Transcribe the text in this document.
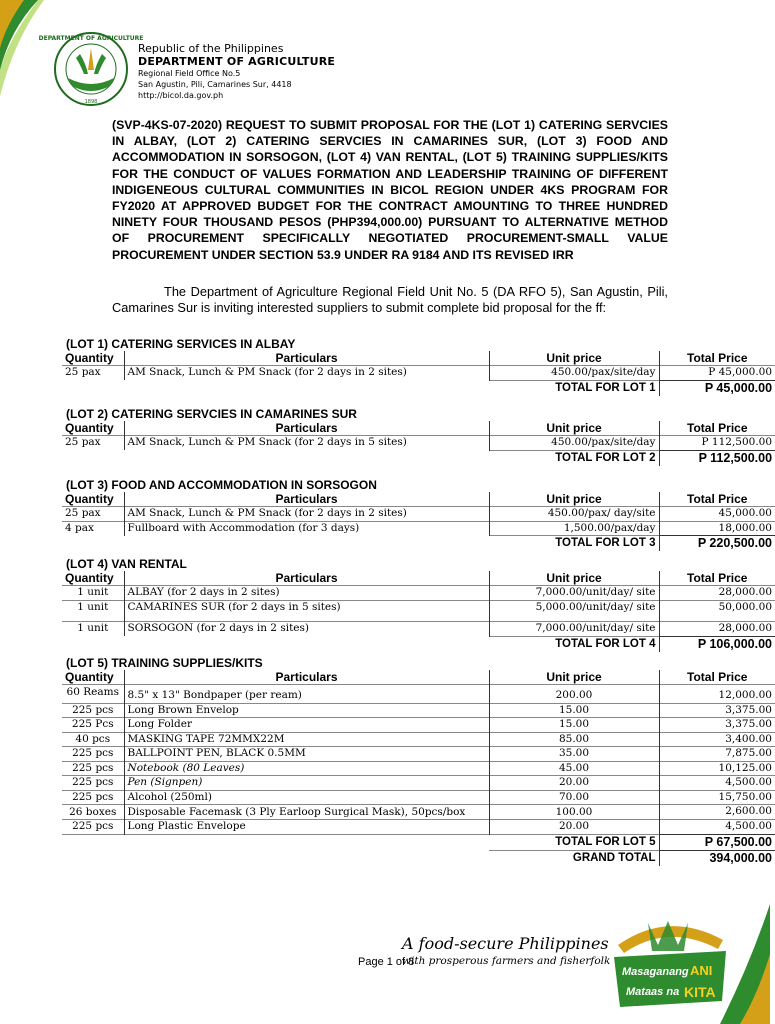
DEPARTMENT OF AGRICULTURE
1898
Republic of the Philippines
DEPARTMENT OF AGRICULTURE
Regional Field Office No.5
San Agustin, Pili, Camarines Sur, 4418
http://bicol.da.gov.ph
(SVP-4KS-07-2020) REQUEST TO SUBMIT PROPOSAL FOR THE (LOT 1) CATERING SERVCIES IN ALBAY, (LOT 2) CATERING SERVCIES IN CAMARINES SUR, (LOT 3) FOOD AND ACCOMMODATION IN SORSOGON, (LOT 4) VAN RENTAL, (LOT 5) TRAINING SUPPLIES/KITS FOR THE CONDUCT OF VALUES FORMATION AND LEADERSHIP TRAINING OF DIFFERENT INDIGENEOUS CULTURAL COMMUNITIES IN BICOL REGION UNDER 4KS PROGRAM FOR FY2020 AT APPROVED BUDGET FOR THE CONTRACT AMOUNTING TO THREE HUNDRED NINETY FOUR THOUSAND PESOS (PHP394,000.00) PURSUANT TO ALTERNATIVE METHOD OF PROCUREMENT SPECIFICALLY NEGOTIATED PROCUREMENT-SMALL VALUE PROCUREMENT UNDER SECTION 53.9 UNDER RA 9184 AND ITS REVISED IRR
The Department of Agriculture Regional Field Unit No. 5 (DA RFO 5), San Agustin, Pili, Camarines Sur is inviting interested suppliers to submit complete bid proposal for the ff:
(LOT 1) CATERING SERVICES IN ALBAY			
Quantity	Particulars	Unit price	Total Price
25 pax	AM Snack, Lunch & PM Snack (for 2 days in 2 sites)	450.00/pax/site/day	P 45,000.00
		TOTAL FOR LOT 1	P 45,000.00
(LOT 2) CATERING SERVCIES IN CAMARINES SUR			
Quantity	Particulars	Unit price	Total Price
25 pax	AM Snack, Lunch & PM Snack (for 2 days in 5 sites)	450.00/pax/site/day	P 112,500.00
		TOTAL FOR LOT 2	P 112,500.00
(LOT 3) FOOD AND ACCOMMODATION IN SORSOGON			
Quantity	Particulars	Unit price	Total Price
25 pax	AM Snack, Lunch & PM Snack (for 2 days in 2 sites)	450.00/pax/ day/site	45,000.00
4 pax	Fullboard with Accommodation (for 3 days)	1,500.00/pax/day	18,000.00
		TOTAL FOR LOT 3	P 220,500.00
(LOT 4) VAN RENTAL			
Quantity	Particulars	Unit price	Total Price
1 unit	ALBAY (for 2 days in 2 sites)	7,000.00/unit/day/ site	28,000.00
1 unit	CAMARINES SUR (for 2 days in 5 sites)	5,000.00/unit/day/ site	50,000.00
1 unit	SORSOGON (for 2 days in 2 sites)	7,000.00/unit/day/ site	28,000.00
		TOTAL FOR LOT 4	P 106,000.00
(LOT 5) TRAINING SUPPLIES/KITS			
Quantity	Particulars	Unit price	Total Price
60 Reams	8.5" x 13" Bondpaper (per ream)	200.00	12,000.00
225 pcs	Long Brown Envelop	15.00	3,375.00
225 Pcs	Long Folder	15.00	3,375.00
40 pcs	MASKING TAPE 72MMX22M	85.00	3,400.00
225 pcs	BALLPOINT PEN, BLACK 0.5MM	35.00	7,875.00
225 pcs	Notebook (80 Leaves)	45.00	10,125.00
225 pcs	Pen (Signpen)	20.00	4,500.00
225 pcs	Alcohol (250ml)	70.00	15,750.00
26 boxes	Disposable Facemask (3 Ply Earloop Surgical Mask), 50pcs/box	100.00	2,600.00
225 pcs	Long Plastic Envelope	20.00	4,500.00
		TOTAL FOR LOT 5	P 67,500.00
		GRAND TOTAL	394,000.00
Page 1 of 8
A food-secure Philippines
with prosperous farmers and fisherfolk
Masaganang ANI
Mataas na KITA
